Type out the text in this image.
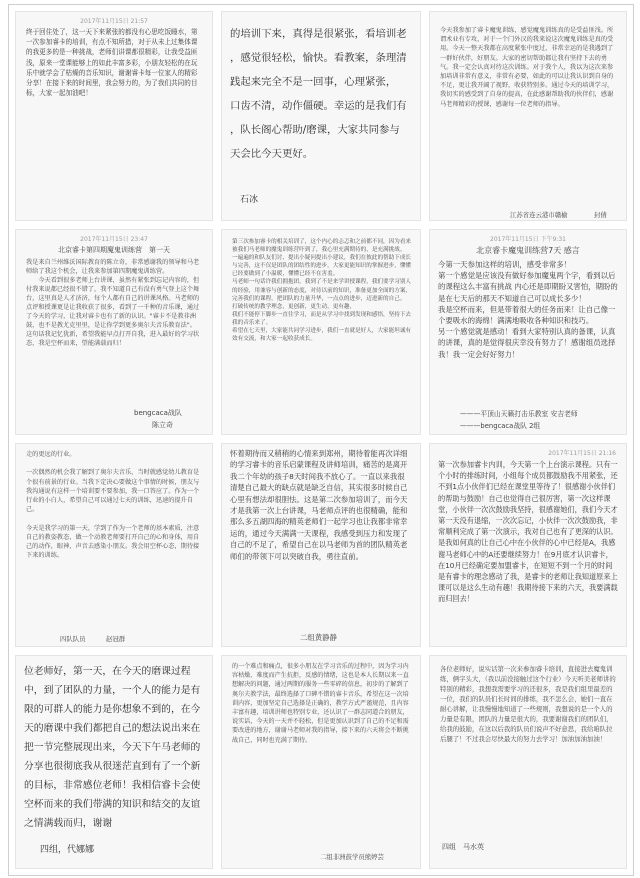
2017年11月15日 21:57
终于回住处了，这一天下来紧张的都没有心思吃饭睡水，第一次参加睿卡的培训，有点不知所措，对于从未上过集体课的我更多的是一种挑战，老师们讲课都很精彩，让我受益匪浅，原来一堂课能够上的如此丰富多彩，小朋友轻松的在玩乐中就学会了枯燥的音乐知识，谢谢睿卡每一位家人的精彩分享！在接下来的时间里，我会努力的，为了我们共同的目标，大家一起加油吧！
的培训下来，真得是很紧张，看培训老
，感觉很轻松，愉快。看教案，条理清
践起来完全不是一回事，心理紧张，
口齿不清，动作僵硬。幸运的是我们有
，队长阁心帮助/磨课，大家共同参与
天会比今天更好。
石冰
今天我参加了睿卡魔鬼训练，感觉魔鬼训练真的是受益匪浅。所谓术业有专攻，对于一个门外汉的我来说这次魔鬼训练是真的受用。今天一整天我都在高度紧张中度过，非常幸运的是我遇到了一群好伙伴，好朋友。大家的密切帮助都让我有坚持下去的勇气。我一定会认真对待这次训练。对于我个人，我以为这次来参加培训非常有意义，非常有必要，如此的可以让我认识到自身的不足，更让我开阔了视野，收获特别多。通过今天的培训学习，我切实的感受到了自身的提高，在此感谢帮助我的伙伴们，感谢马老师精彩的授课，感谢每一位老师的指导。
江苏省连云港市赣榆	封倩
2017年11月15日 23:47
北京睿卡第四期魔鬼训练营　第一天
我是来自兰州维沃国际教育的陈立奇，非常感谢我的领导和马老师给了我这个机会，让我来参加第四期魔鬼训练营。
　　今天看到很多老师上台讲课，虽然有紧张到忘记内容的，但付我来说都已经很不错了，我不知道自己有没有勇气登上这个舞台，这里真是人才济济，每个人都有自己的讲课风格。马老师的点评和授课更是让我收获了很多，看到了一千种的音乐课，通过了今天的学习，让我对睿卡也有了新的认识。"睿卡不是教非洲鼓，也不是教尤克里里，是让你学到更多奥尔夫音乐教育法"。这句话我记忆犹新，希望我能早点打开自我，进入最好的学习状态，我是空杯而来，望能满载而归！
bengcaca战队
陈立奇
第三次参加睿卡的相关培训了，这个内心的忐忑和之前都不同，因为看来被我们马老师的魔鬼训练营吓到了，我心里充满期待的，是充满挑战。
一遍遍的和队友们讨，提出小疑问提出小建议，我们在彼此的帮助下成长与完善，这不仅是团队的团结性的进步，大家更能知识的掌握进步，懂懂已经要做到了小温暖，懂懂已经不在害羞。
马老师一句话许我们拥抱团，我到了不是来学讲授课程，我们要学习别人的经验，用兼容与创新的态度，对待以前的知识，准备更加全面的方案，完善我们的课程，把团队的力量升华，一点点的进步，迈进新的自己。
打破传统的教学理念，更创新，更生动，更有趣，
我们不能停下脚步一直往学习，而是从学习中找到发现和感悟，坚持下去我的音乐来了。
希望在七天里，大家能共同学习进步，我们一直就是好人，大家能坦诚有效有交流，和大家一起收获成长。
2017年11月15日 下午9:31
北京睿卡魔鬼训练营7天 感言
今第一天参加这样的培训，感受非常多！
第一个感觉是应该没有做好参加魔鬼两个字，看到以后的课程这么丰富有挑战 内心还是即期盼又害怕，期盼的是在七天后的那天不知道自己可以成长多少！
我是空杯而来，但是带着很大的任务而来！让自己像一个要吸水的海绵！满满地吸收各种知识和技巧。
另一个感觉就是感动！看到大家特别认真的备课，认真的讲课，真的是觉得很庆幸没有努力了！感谢组员选择我！我一定会好好努力！
———平顶山天籁打击乐教室 安吉老师
———bengcaca战队 2组
走的更远的行业。

一次偶然的机会我了解到了奥尔夫音乐，当时就感觉幼儿教育是个很有前景的行业。当我下定决心要做这个事情的时候，朋友与我沟通说有这样一个培训要不要参加，我一口答应了。作为一个行业的小白人，希望自己可以通过七天的训练，迅速的提升自己。

今天是我学习的第一天，学到了作为一个老师的基本素质，注意自己的教姿教态，做一个动教老师要打开自己的心和身体，用自己的动作，眼神，声音去感染小朋友。我会用空杯心态，期待接下来的训练。
四队队员	赵冠群
怀着期待而又稍稍的心情来到郑州，期待着能再次详细的学习睿卡的音乐启蒙课程及讲师培训，痛苦的是离开我二个年幼的孩子8天时间我不放心了。一直以来我很清楚自己最大的缺点就是缺乏自信，其实很多时候自己心里有想法却很胆怯。这是第二次参加培训了，而今天才是我第一次上台讲课，马老师点评的也很精确，能和那么多五湖四海的精英老师们一起学习也让我都非常幸运的，通过今天满满一天课程，我感受到压力和发现了自己的不足了，希望自己在以马老师为首的团队精英老师们的带领下可以突破自我，勇往直前。
二组黄静静
2017年11月15日 21:16
第一次参加睿卡内训，今天第一个上台演示课程。只有一个小时的排练时间，小组每个成员都鼓励我不用紧张，还不到1点小伙伴们已经在课堂里等待了！很感谢小伙伴们的帮助与鼓励！自己也觉得自己很厉害，第一次这样课堂，小伙伴一次次鼓励我坚持，很感谢她们，我们今天才第一天没有退缩，一次次忘记，小伙伴一次次鼓励我，非常顺利完成了第一次演示，我对自己也有了更深的认识。是我如何真的让自己心中在小伙伴的心中已经是A，我感谢马老师心中的A还要继续努力！在9月底才认识睿卡，在10月已经确定要加盟睿卡，在短短不到一个月的时间是有睿卡的理念感动了我，是睿卡的老师让我知道原来上课可以是这么生动有趣！我期待接下来的六天，我要满载而归回去！
位老师好，第一天，在今天的磨课过程中，到了团队的力量，一个人的能力是有限的可群人的能力是你想象不到的，在今天的磨课中我们都把自己的想法说出来在把一节完整展现出来，今天下午马老师的分享也很彻底我从很迷茫直到有了一个新的目标，非常感位老师！我相信睿卡会使空杯而来的我们带满的知识和结交的友谊之情满载而归，谢谢
四组，代娜娜
的一个难点和痛点，很多小朋友在学习音乐的过程中，因为学习内容枯燥，难度而产生抗拒，反感的情绪，这也是本人长期以来一直想解决的问题，通过两期的服务一些零碎的信息，初步的了解到了奥尔夫教学法，最终选择了口碑不错的睿卡音乐，希望在这一次培训内容，更加坚定自己选择是正确的，教学方式严谨规范，且内容丰富有趣，培训讲师也特别专业，还认识了一群志同道合的朋友，说实话，今天的一天并不轻松，但是更加认识到了自己的不足和需要改进的地方，谢谢马老师对我的指导，接下来的六天将会不断挑战自己，同时也充满了期待。
二组非洲鼓学员熊婷芸
各位老师好，说实话第一次来参加睿卡培训，直接进去魔鬼训练，俩字头大，（我以前没接触过这个行业）今天听美老师讲的特别的精彩，我想我需要学习的还很多，我是我们组里最差的一位，我们的队员们长时间的排练，我不怎么会，她们一直在耐心讲解，让我慢慢地知道了一些规则，我想说的是一个人的力量是有限，团队的力量是很大的，我要谢谢我们的团队们，给我的鼓励，在这以后我的队员们说声不好意思，我给咱队拉后腿了！不过我会尽快最大的努力去学习！加油加油加油！
四组　马水英
